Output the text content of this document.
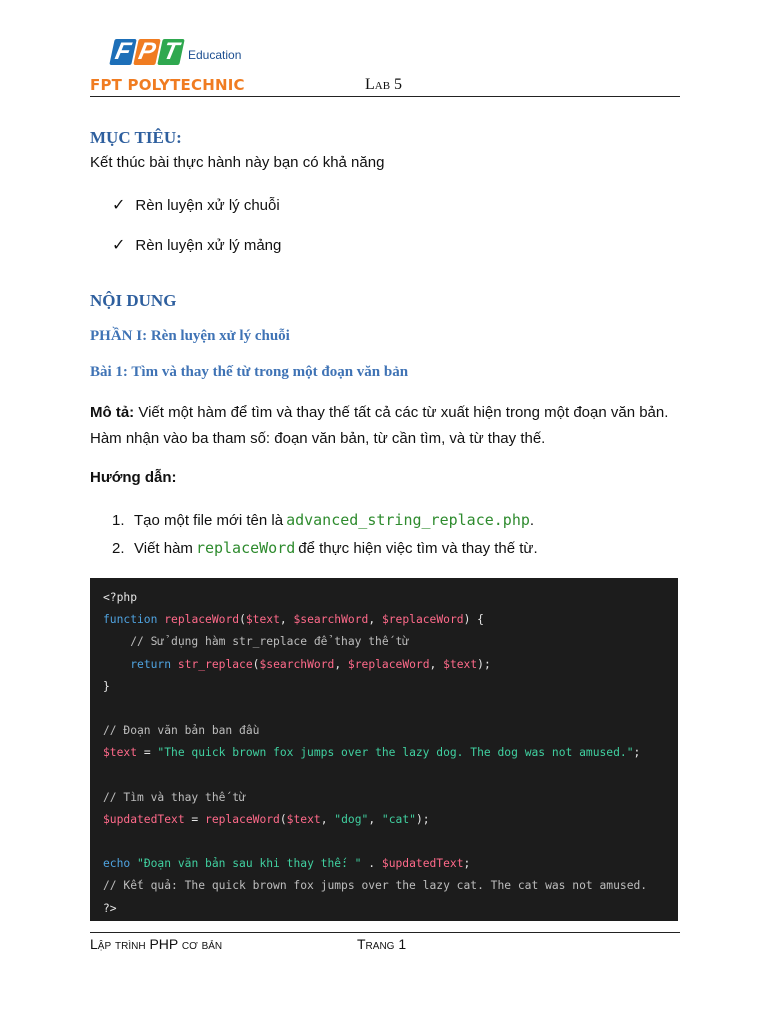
F P T Education
FPT POLYTECHNIC	Lab 5
MỤC TIÊU:
Kết thúc bài thực hành này bạn có khả năng
✓ Rèn luyện xử lý chuỗi
✓ Rèn luyện xử lý mảng
NỘI DUNG
PHẦN I: Rèn luyện xử lý chuỗi
Bài 1: Tìm và thay thế từ trong một đoạn văn bản
Mô tả: Viết một hàm để tìm và thay thế tất cả các từ xuất hiện trong một đoạn văn bản. Hàm nhận vào ba tham số: đoạn văn bản, từ cần tìm, và từ thay thế.
Hướng dẫn:
1. Tạo một file mới tên là advanced_string_replace.php .
2. Viết hàm replaceWord để thực hiện việc tìm và thay thế từ.
<?php
function replaceWord($text, $searchWord, $replaceWord) {
// Sử dụng hàm str_replace để thay thế từ
return str_replace($searchWord, $replaceWord, $text);
}
// Đoạn văn bản ban đầu
$text = "The quick brown fox jumps over the lazy dog. The dog was not amused.";
// Tìm và thay thế từ
$updatedText = replaceWord($text, "dog", "cat");
echo "Đoạn văn bản sau khi thay thế: " . $updatedText;
// Kết quả: The quick brown fox jumps over the lazy cat. The cat was not amused.
?>
Lập trình PHP cơ bản	Trang 1
